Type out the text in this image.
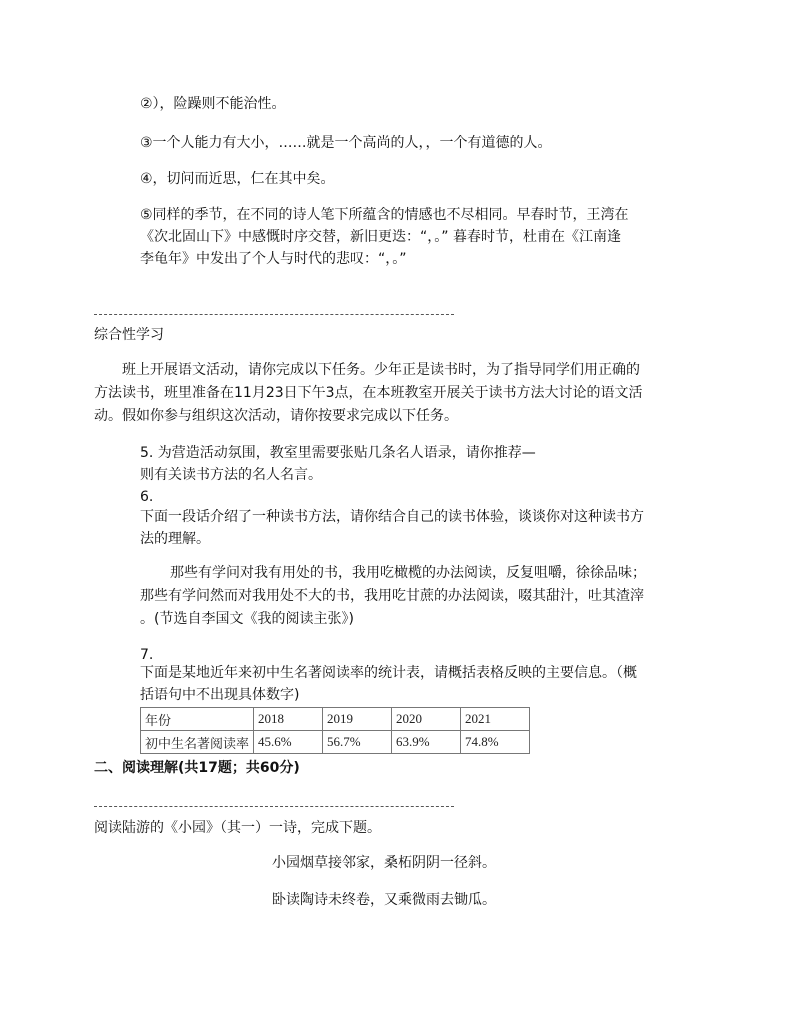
②），险躁则不能治性。
③一个人能力有大小，……就是一个高尚的人，，一个有道德的人。
④，切问而近思，仁在其中矣。
⑤同样的季节，在不同的诗人笔下所蕴含的情感也不尽相同。早春时节，王湾在
《次北固山下》中感慨时序交替，新旧更迭：“，。” 暮春时节，杜甫在《江南逢
李龟年》中发出了个人与时代的悲叹：“，。”
综合性学习
班上开展语文活动，请你完成以下任务。少年正是读书时，为了指导同学们用正确的
方法读书，班里准备在11月23日下午3点，在本班教室开展关于读书方法大讨论的语文活
动。假如你参与组织这次活动，请你按要求完成以下任务。
5. 为营造活动氛围，教室里需要张贴几条名人语录，请你推荐—
则有关读书方法的名人名言。
6.
下面一段话介绍了一种读书方法，请你结合自己的读书体验，谈谈你对这种读书方
法的理解。
那些有学问对我有用处的书，我用吃橄榄的办法阅读，反复咀嚼，徐徐品味；
那些有学问然而对我用处不大的书，我用吃甘蔗的办法阅读，啜其甜汁，吐其渣滓
。(节选自李国文《我的阅读主张》)
7.
下面是某地近年来初中生名著阅读率的统计表，请概括表格反映的主要信息。（概
括语句中不出现具体数字)
年份	2018	2019	2020	2021
初中生名著阅读率	45.6%	56.7%	63.9%	74.8%
二、阅读理解(共17题；共60分)
阅读陆游的《小园》（其一）一诗，完成下题。
小园烟草接邻家，桑柘阴阴一径斜。
卧读陶诗未终卷，又乘微雨去锄瓜。
